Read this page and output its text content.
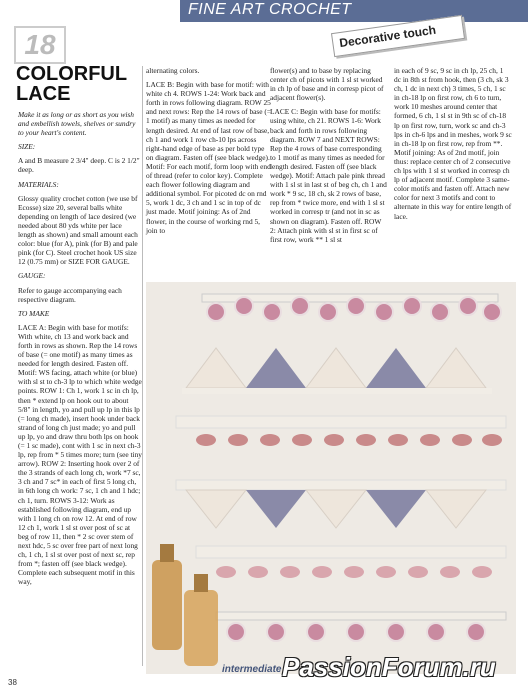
FINE ART CROCHET
Decorative touch
18
COLORFUL
LACE

Make it as long or as short as you wish and embellish towels, shelves or sundry to your heart's content.

SIZE:

A and B measure 2 3/4" deep. C is 2 1/2" deep.

MATERIALS:

Glossy quality crochet cotton (we use bf Ecosse) size 20, several balls white depending on length of lace desired (we needed about 80 yds white per lace length as shown) and small amount each color: blue (for A), pink (for B) and pale pink (for C). Steel crochet hook US size 12 (0.75 mm) or SIZE FOR GAUGE.

GAUGE:

Refer to gauge accompanying each respective diagram.

TO MAKE

LACE A: Begin with base for motifs: With white, ch 13 and work back and forth in rows as shown. Rep the 14 rows of base (= one motif) as many times as needed for length desired. Fasten off. Motif: WS facing, attach white (or blue) with sl st to ch-3 lp to which white wedge points. ROW 1: Ch 1, work 1 sc in ch lp, then * extend lp on hook out to about 5/8" in length, yo and pull up lp in this lp (= long ch made), insert hook under back strand of long ch just made; yo and pull up lp, yo and draw thru both lps on hook (= 1 sc made), cont with 1 sc in next ch-3 lp, rep from * 5 times more; turn (see tiny arrow). ROW 2: Inserting hook over 2 of the 3 strands of each long ch, work *7 sc, 3 ch and 7 sc* in each of first 5 long ch, in 6th long ch work: 7 sc, 1 ch and 1 hdc; ch 1, turn. ROWS 3-12: Work as established following diagram, end up with 1 long ch on row 12. At end of row 12 ch 1, work 1 sl st over post of sc at beg of row 11, then * 2 sc over stem of next hdc, 5 sc over free part of next long ch, 1 ch, 1 sl st over post of next sc, rep from *; fasten off (see black wedge). Complete each subsequent motif in this way,

alternating colors.

LACE B: Begin with base for motif: with white ch 4. ROWS 1-24: Work back and forth in rows following diagram. ROW 25 and next rows: Rep the 14 rows of base (= 1 motif) as many times as needed for length desired. At end of last row of base, ch 1 and work 1 row ch-10 lps across right-hand edge of base as per bold type on diagram. Fasten off (see black wedge). Motif: For each motif, form loop with end of thread (refer to color key). Complete each flower following diagram and additional symbol. For picoted dc on rnd 5, work 1 dc, 3 ch and 1 sc in top of dc just made. Motif joining: As of 2nd flower, in the course of working rnd 5, join to

flower(s) and to base by replacing center ch of picots with 1 sl st worked in ch lp of base and in corresp picot of adjacent flower(s).

LACE C: Begin with base for motifs: using white, ch 21. ROWS 1-6: Work back and forth in rows following diagram. ROW 7 and NEXT ROWS: Rep the 4 rows of base corresponding to 1 motif as many times as needed for length desired. Fasten off (see black wedge). Motif: Attach pale pink thread with 1 sl st in last st of beg ch, ch 1 and work * 9 sc, 18 ch, sk 2 rows of base, rep from * twice more, end with 1 sl st worked in corresp tr (and not in sc as shown on diagram). Fasten off. ROW 2: Attach pink with sl st in first sc of first row, work ** 1 sl st

in each of 9 sc, 9 sc in ch lp, 25 ch, 1 dc in 8th st from hook, then (3 ch, sk 3 ch, 1 dc in next ch) 3 times, 5 ch, 1 sc in ch-18 lp on first row, ch 6 to turn, work 10 meshes around center that formed, 6 ch, 1 sl st in 9th sc of ch-18 lp on first row, turn, work sc and ch-3 lps in ch-6 lps and in meshes, work 9 sc in ch-18 lp on first row, rep from **. Motif joining: As of 2nd motif, join thus: replace center ch of 2 consecutive ch lps with 1 sl st worked in corresp ch lp of adjacent motif. Complete 3 same-color motifs and fasten off. Attach new color for next 3 motifs and cont to alternate in this way for entire length of lace.

intermediate PassionForum.ru
38
